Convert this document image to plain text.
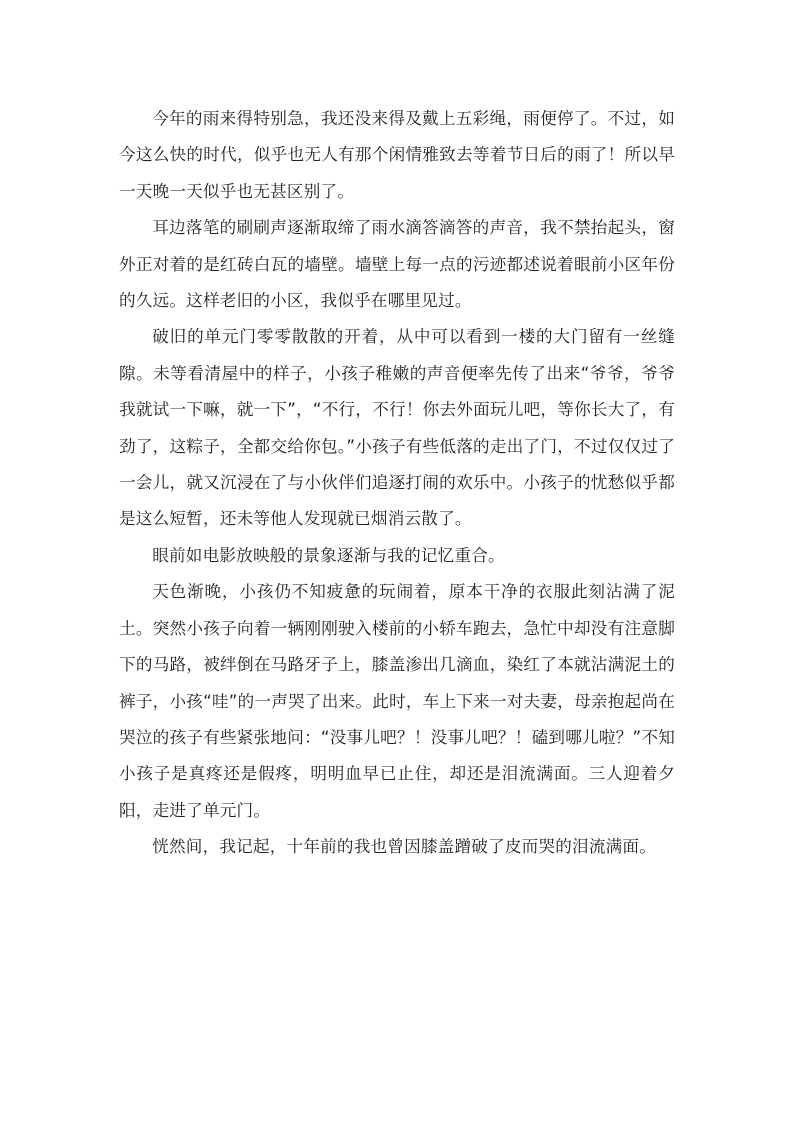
今年的雨来得特别急，我还没来得及戴上五彩绳，雨便停了。不过，如今这么快的时代，似乎也无人有那个闲情雅致去等着节日后的雨了！所以早一天晚一天似乎也无甚区别了。

耳边落笔的刷刷声逐渐取缔了雨水滴答滴答的声音，我不禁抬起头，窗外正对着的是红砖白瓦的墙壁。墙壁上每一点的污迹都述说着眼前小区年份的久远。这样老旧的小区，我似乎在哪里见过。

破旧的单元门零零散散的开着，从中可以看到一楼的大门留有一丝缝隙。未等看清屋中的样子，小孩子稚嫩的声音便率先传了出来“爷爷，爷爷我就试一下嘛，就一下”，“不行，不行！你去外面玩儿吧，等你长大了，有劲了，这粽子，全都交给你包。”小孩子有些低落的走出了门，不过仅仅过了一会儿，就又沉浸在了与小伙伴们追逐打闹的欢乐中。小孩子的忧愁似乎都是这么短暂，还未等他人发现就已烟消云散了。

眼前如电影放映般的景象逐渐与我的记忆重合。

天色渐晚，小孩仍不知疲惫的玩闹着，原本干净的衣服此刻沾满了泥土。突然小孩子向着一辆刚刚驶入楼前的小轿车跑去，急忙中却没有注意脚下的马路，被绊倒在马路牙子上，膝盖渗出几滴血，染红了本就沾满泥土的裤子，小孩“哇”的一声哭了出来。此时，车上下来一对夫妻，母亲抱起尚在哭泣的孩子有些紧张地问：“没事儿吧？！没事儿吧？！磕到哪儿啦？”不知小孩子是真疼还是假疼，明明血早已止住，却还是泪流满面。三人迎着夕阳，走进了单元门。

恍然间，我记起，十年前的我也曾因膝盖蹭破了皮而哭的泪流满面。
